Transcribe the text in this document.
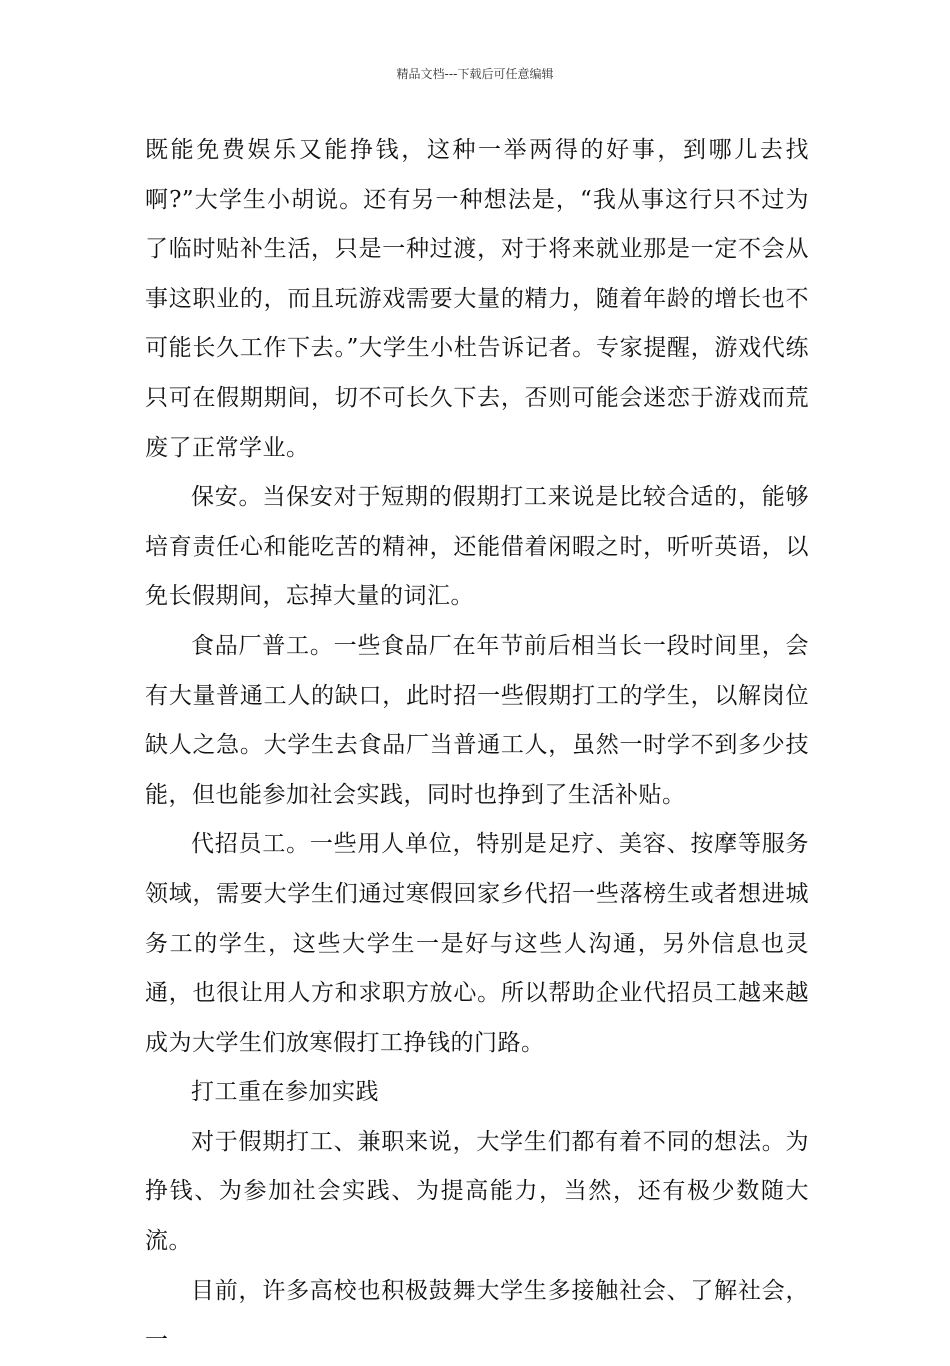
精品文档---下载后可任意编辑

既能免费娱乐又能挣钱，这种一举两得的好事，到哪儿去找啊?”大学生小胡说。还有另一种想法是，“我从事这行只不过为了临时贴补生活，只是一种过渡，对于将来就业那是一定不会从事这职业的，而且玩游戏需要大量的精力，随着年龄的增长也不可能长久工作下去。”大学生小杜告诉记者。专家提醒，游戏代练只可在假期期间，切不可长久下去，否则可能会迷恋于游戏而荒废了正常学业。

保安。当保安对于短期的假期打工来说是比较合适的，能够培育责任心和能吃苦的精神，还能借着闲暇之时，听听英语，以免长假期间，忘掉大量的词汇。

食品厂普工。一些食品厂在年节前后相当长一段时间里，会有大量普通工人的缺口，此时招一些假期打工的学生，以解岗位缺人之急。大学生去食品厂当普通工人，虽然一时学不到多少技能，但也能参加社会实践，同时也挣到了生活补贴。

代招员工。一些用人单位，特别是足疗、美容、按摩等服务领域，需要大学生们通过寒假回家乡代招一些落榜生或者想进城务工的学生，这些大学生一是好与这些人沟通，另外信息也灵通，也很让用人方和求职方放心。所以帮助企业代招员工越来越成为大学生们放寒假打工挣钱的门路。

打工重在参加实践

对于假期打工、兼职来说，大学生们都有着不同的想法。为挣钱、为参加社会实践、为提高能力，当然，还有极少数随大流。

目前，许多高校也积极鼓舞大学生多接触社会、了解社会，一
